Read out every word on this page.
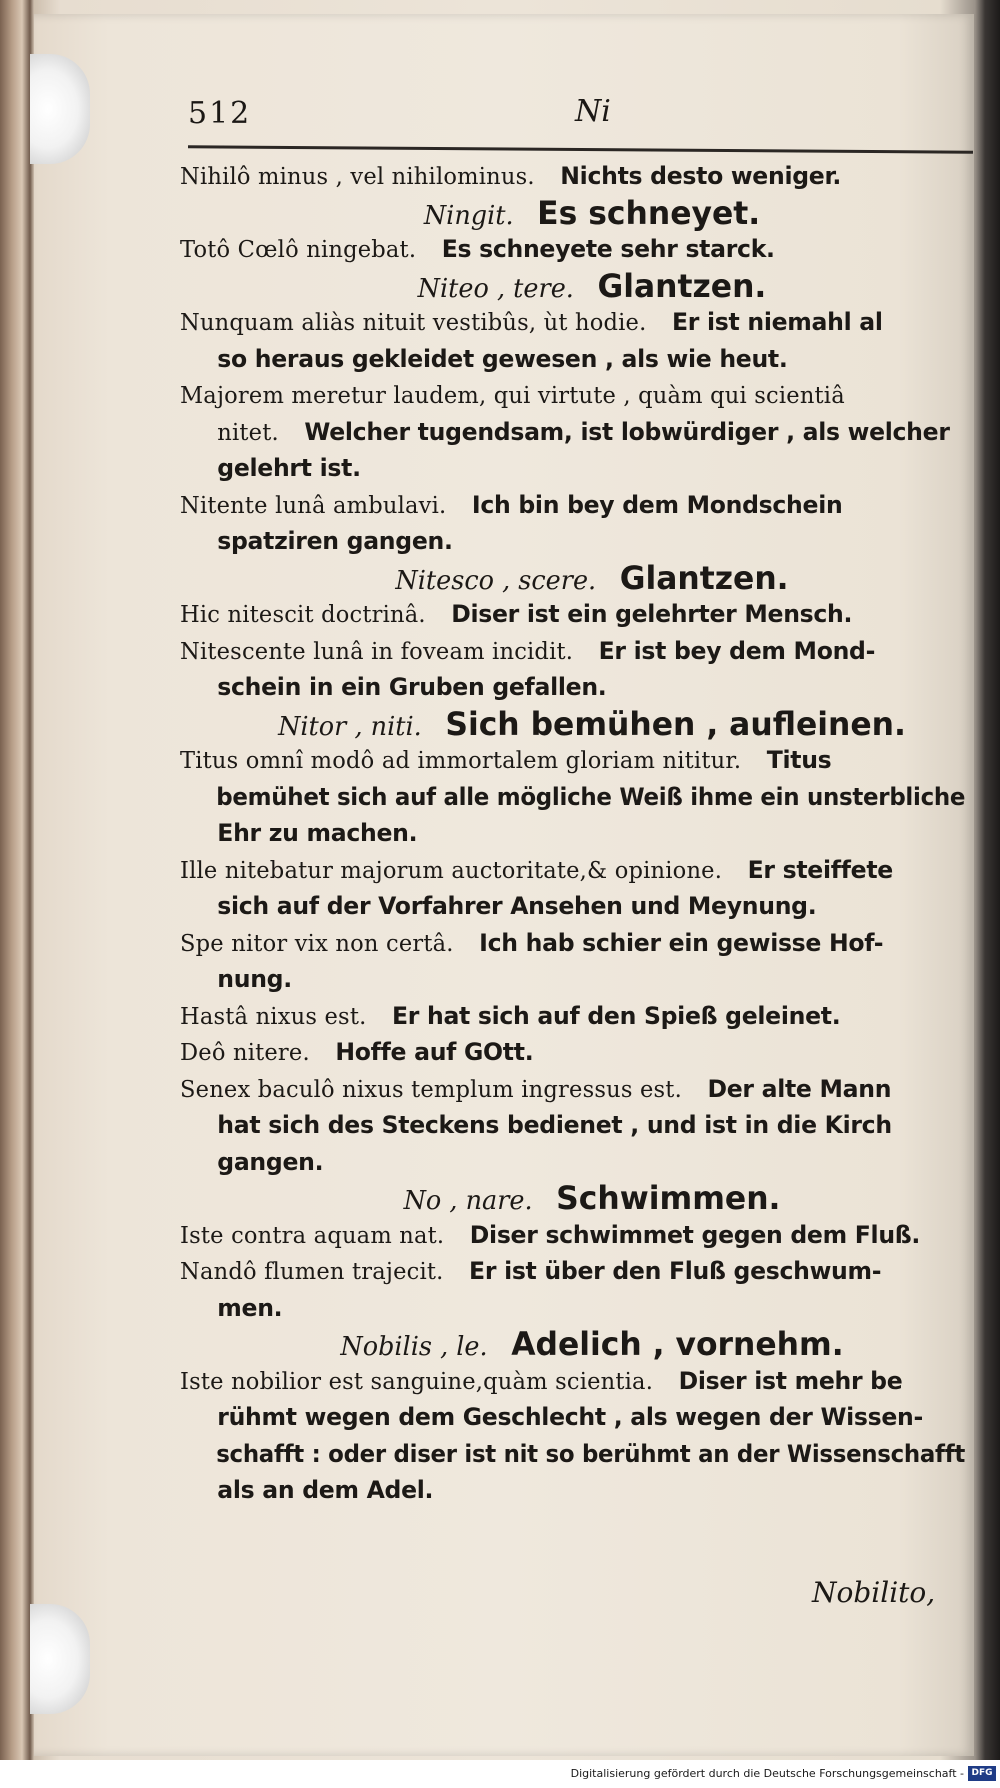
512	Ni
Nihilô minus , vel nihilominus. Nichts desto weniger.
Ningit. Es schneyet.
Totô Cœlô ningebat. Es schneyete sehr starck.
Niteo , tere. Glantzen.
Nunquam aliàs nituit vestibûs, ùt hodie. Er ist niemahl al
so heraus gekleidet gewesen , als wie heut.
Majorem meretur laudem, qui virtute , quàm qui scientiâ
nitet. Welcher tugendsam, ist lobwürdiger , als welcher
gelehrt ist.
Nitente lunâ ambulavi. Ich bin bey dem Mondschein
spatziren gangen.
Nitesco , scere. Glantzen.
Hic nitescit doctrinâ. Diser ist ein gelehrter Mensch.
Nitescente lunâ in foveam incidit. Er ist bey dem Mond-
schein in ein Gruben gefallen.
Nitor , niti. Sich bemühen , aufleinen.
Titus omnî modô ad immortalem gloriam nititur. Titus
bemühet sich auf alle mögliche Weiß ihme ein unsterbliche
Ehr zu machen.
Ille nitebatur majorum auctoritate,& opinione. Er steiffete
sich auf der Vorfahrer Ansehen und Meynung.
Spe nitor vix non certâ. Ich hab schier ein gewisse Hof-
nung.
Hastâ nixus est. Er hat sich auf den Spieß geleinet.
Deô nitere. Hoffe auf GOtt.
Senex baculô nixus templum ingressus est. Der alte Mann
hat sich des Steckens bedienet , und ist in die Kirch
gangen.
No , nare. Schwimmen.
Iste contra aquam nat. Diser schwimmet gegen dem Fluß.
Nandô flumen trajecit. Er ist über den Fluß geschwum-
men.
Nobilis , le. Adelich , vornehm.
Iste nobilior est sanguine,quàm scientia. Diser ist mehr be
rühmt wegen dem Geschlecht , als wegen der Wissen-
schafft : oder diser ist nit so berühmt an der Wissenschafft
als an dem Adel.
Nobilito,
Digitalisierung gefördert durch die Deutsche Forschungsgemeinschaft - DFG
